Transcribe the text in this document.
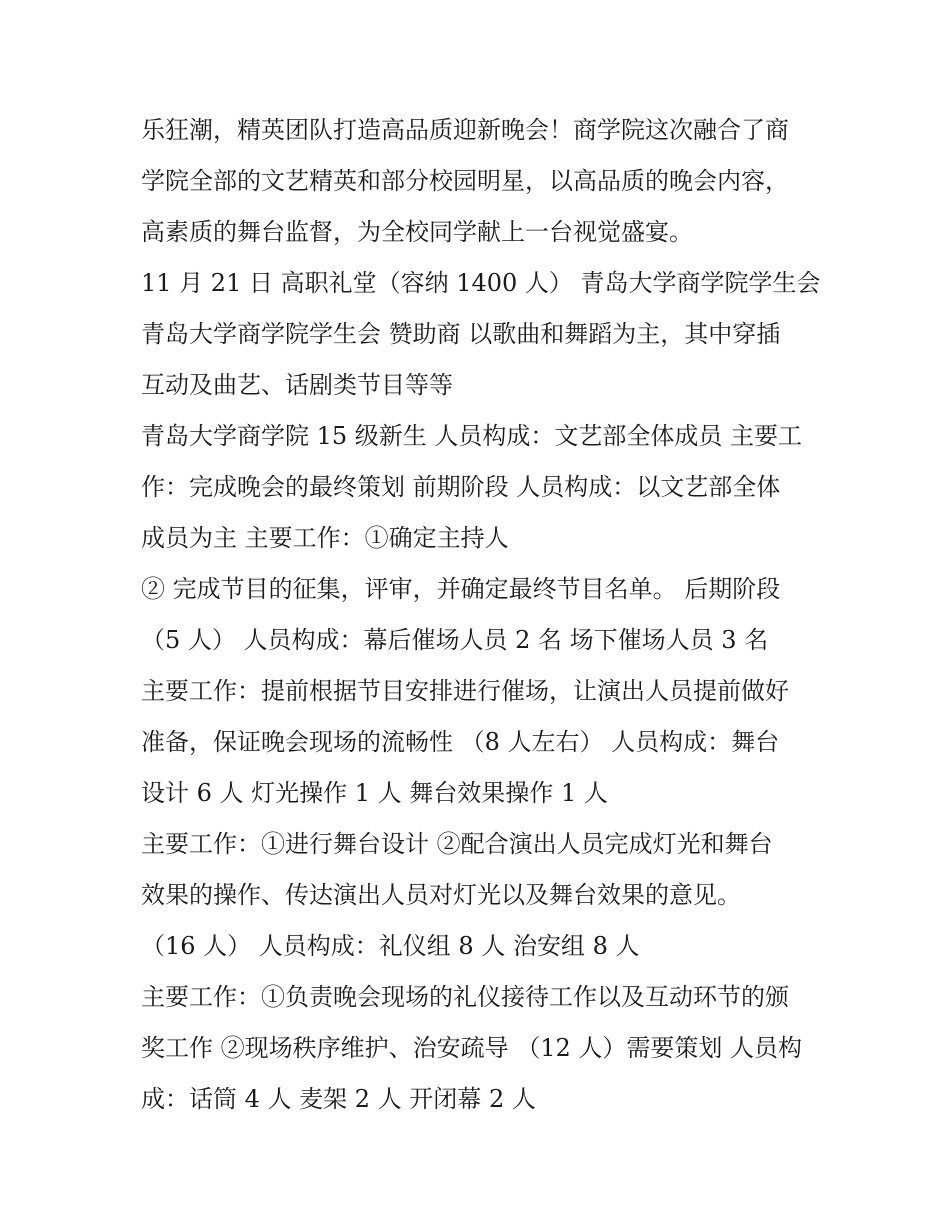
乐狂潮，精英团队打造高品质迎新晚会！商学院这次融合了商
学院全部的文艺精英和部分校园明星，以高品质的晚会内容，
高素质的舞台监督，为全校同学献上一台视觉盛宴。
11 月 21 日 高职礼堂（容纳 1400 人） 青岛大学商学院学生会
青岛大学商学院学生会 赞助商 以歌曲和舞蹈为主，其中穿插
互动及曲艺、话剧类节目等等
青岛大学商学院 15 级新生 人员构成：文艺部全体成员 主要工
作：完成晚会的最终策划 前期阶段 人员构成：以文艺部全体
成员为主 主要工作：①确定主持人
② 完成节目的征集，评审，并确定最终节目名单。 后期阶段
（5 人） 人员构成：幕后催场人员 2 名 场下催场人员 3 名
主要工作：提前根据节目安排进行催场，让演出人员提前做好
准备，保证晚会现场的流畅性 （8 人左右） 人员构成：舞台
设计 6 人 灯光操作 1 人 舞台效果操作 1 人
主要工作：①进行舞台设计 ②配合演出人员完成灯光和舞台
效果的操作、传达演出人员对灯光以及舞台效果的意见。
（16 人） 人员构成：礼仪组 8 人 治安组 8 人
主要工作：①负责晚会现场的礼仪接待工作以及互动环节的颁
奖工作 ②现场秩序维护、治安疏导 （12 人）需要策划 人员构
成：话筒 4 人 麦架 2 人 开闭幕 2 人
